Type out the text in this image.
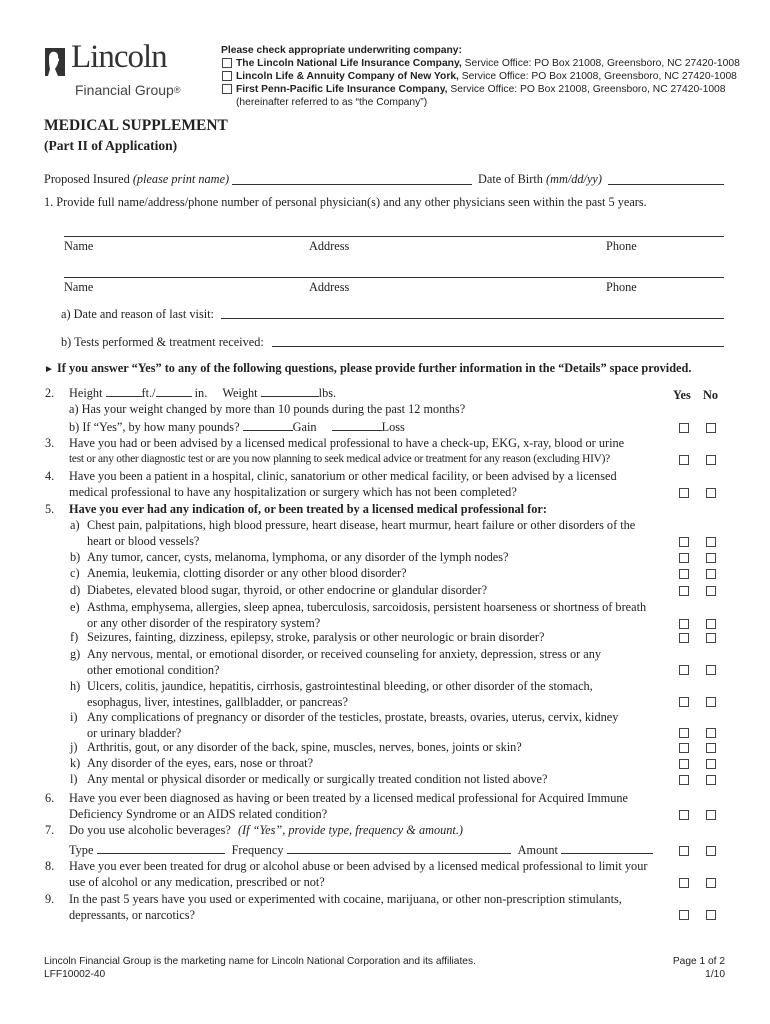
Lincoln
Financial Group®
Please check appropriate underwriting company:
The Lincoln National Life Insurance Company, Service Office: PO Box 21008, Greensboro, NC 27420-1008
Lincoln Life & Annuity Company of New York, Service Office: PO Box 21008, Greensboro, NC 27420-1008
First Penn-Pacific Life Insurance Company, Service Office: PO Box 21008, Greensboro, NC 27420-1008
(hereinafter referred to as “the Company”)
MEDICAL SUPPLEMENT
(Part II of Application)
Proposed Insured (please print name)	Date of Birth (mm/dd/yy)
1. Provide full name/address/phone number of personal physician(s) and any other physicians seen within the past 5 years.
Name	Address	Phone
Name	Address	Phone
a) Date and reason of last visit:
b) Tests performed & treatment received:
► If you answer “Yes” to any of the following questions, please provide further information in the “Details” space provided.
Yes No
2.	Height	ft./	in. Weight	lbs.
a) Has your weight changed by more than 10 pounds during the past 12 months?
b) If “Yes”, by how many pounds?	Gain	Loss
3.	Have you had or been advised by a licensed medical professional to have a check-up, EKG, x-ray, blood or urine
test or any other diagnostic test or are you now planning to seek medical advice or treatment for any reason (excluding HIV)?
4.	Have you been a patient in a hospital, clinic, sanatorium or other medical facility, or been advised by a licensed
medical professional to have any hospitalization or surgery which has not been completed?
5.	Have you ever had any indication of, or been treated by a licensed medical professional for:
a) Chest pain, palpitations, high blood pressure, heart disease, heart murmur, heart failure or other disorders of the
heart or blood vessels?
b) Any tumor, cancer, cysts, melanoma, lymphoma, or any disorder of the lymph nodes?
c) Anemia, leukemia, clotting disorder or any other blood disorder?
d) Diabetes, elevated blood sugar, thyroid, or other endocrine or glandular disorder?
e) Asthma, emphysema, allergies, sleep apnea, tuberculosis, sarcoidosis, persistent hoarseness or shortness of breath
or any other disorder of the respiratory system?
f) Seizures, fainting, dizziness, epilepsy, stroke, paralysis or other neurologic or brain disorder?
g) Any nervous, mental, or emotional disorder, or received counseling for anxiety, depression, stress or any
other emotional condition?
h) Ulcers, colitis, jaundice, hepatitis, cirrhosis, gastrointestinal bleeding, or other disorder of the stomach,
esophagus, liver, intestines, gallbladder, or pancreas?
i) Any complications of pregnancy or disorder of the testicles, prostate, breasts, ovaries, uterus, cervix, kidney
or urinary bladder?
j) Arthritis, gout, or any disorder of the back, spine, muscles, nerves, bones, joints or skin?
k) Any disorder of the eyes, ears, nose or throat?
l) Any mental or physical disorder or medically or surgically treated condition not listed above?
6.	Have you ever been diagnosed as having or been treated by a licensed medical professional for Acquired Immune
Deficiency Syndrome or an AIDS related condition?
7.	Do you use alcoholic beverages? (If “Yes”, provide type, frequency & amount.)
Type	Frequency	Amount
8.	Have you ever been treated for drug or alcohol abuse or been advised by a licensed medical professional to limit your
use of alcohol or any medication, prescribed or not?
9.	In the past 5 years have you used or experimented with cocaine, marijuana, or other non-prescription stimulants,
depressants, or narcotics?
Lincoln Financial Group is the marketing name for Lincoln National Corporation and its affiliates.
LFF10002-40
Page 1 of 2
1/10
